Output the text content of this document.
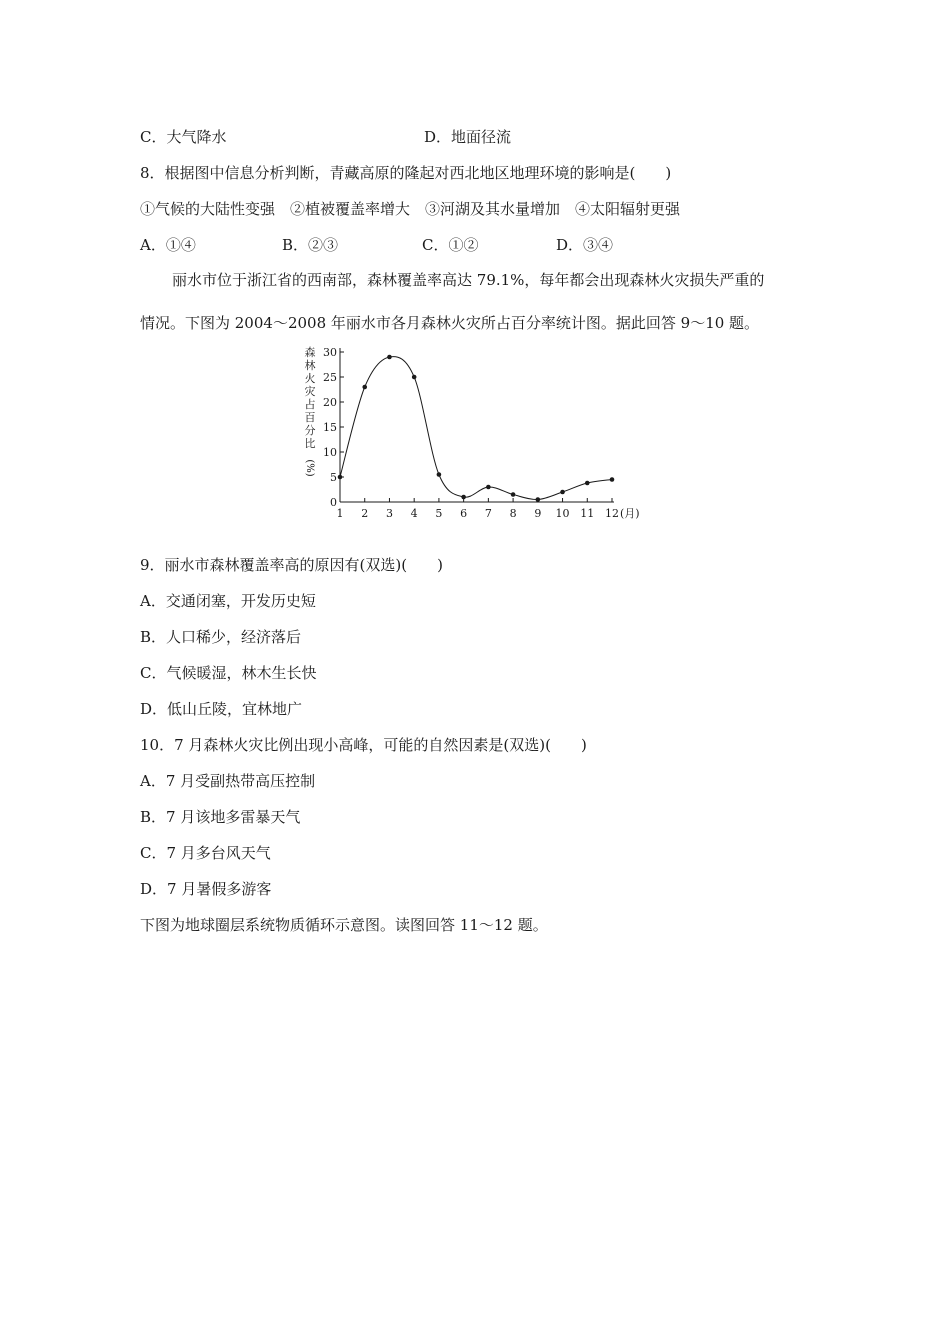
C．大气降水	D．地面径流
8．根据图中信息分析判断，青藏高原的隆起对西北地区地理环境的影响是(　　)
①气候的大陆性变强　②植被覆盖率增大　③河湖及其水量增加　④太阳辐射更强
A．①④	B．②③	C．①②	D．③④
丽水市位于浙江省的西南部，森林覆盖率高达 79.1%，每年都会出现森林火灾损失严重的
情况。下图为 2004～2008 年丽水市各月森林火灾所占百分率统计图。据此回答 9～10 题。
0
5
10
15
20
25
30
1 2 3 4 5 6 7 8 9 10 11 12 (月)
森
林
火
灾
占
百
分
比
(%)
9．丽水市森林覆盖率高的原因有(双选)(　　)
A．交通闭塞，开发历史短
B．人口稀少，经济落后
C．气候暖湿，林木生长快
D．低山丘陵，宜林地广
10．7 月森林火灾比例出现小高峰，可能的自然因素是(双选)(　　)
A．7 月受副热带高压控制
B．7 月该地多雷暴天气
C．7 月多台风天气
D．7 月暑假多游客
下图为地球圈层系统物质循环示意图。读图回答 11～12 题。
